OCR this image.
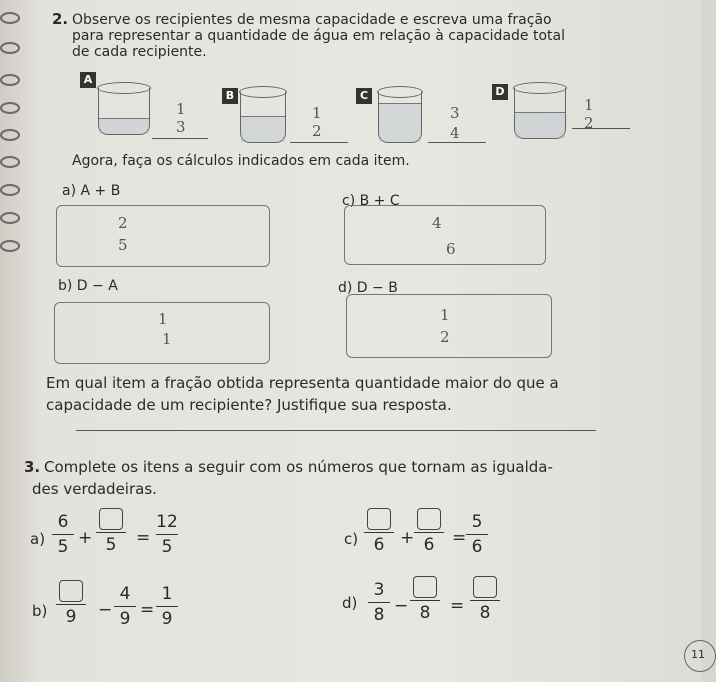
2. Observe os recipientes de mesma capacidade e escreva uma fração
para representar a quantidade de água em relação à capacidade total
de cada recipiente.
A
1
3
B
1
2
C
3
4
D
1
2
Agora, faça os cálculos indicados em cada item.
a) A + B
2
5
c) B + C
4
6
b) D − A
1
1
d) D − B
1
2
Em qual item a fração obtida representa quantidade maior do que a
capacidade de um recipiente? Justifique sua resposta.
3. Complete os itens a seguir com os números que tornam as igualda-
des verdadeiras.
a)
6
5 + 5 =
12
5
b) 9 −
4
9 =
1
9
c) 6 + 6 =
5
6
d)
3
8 − 8 = 8
11
